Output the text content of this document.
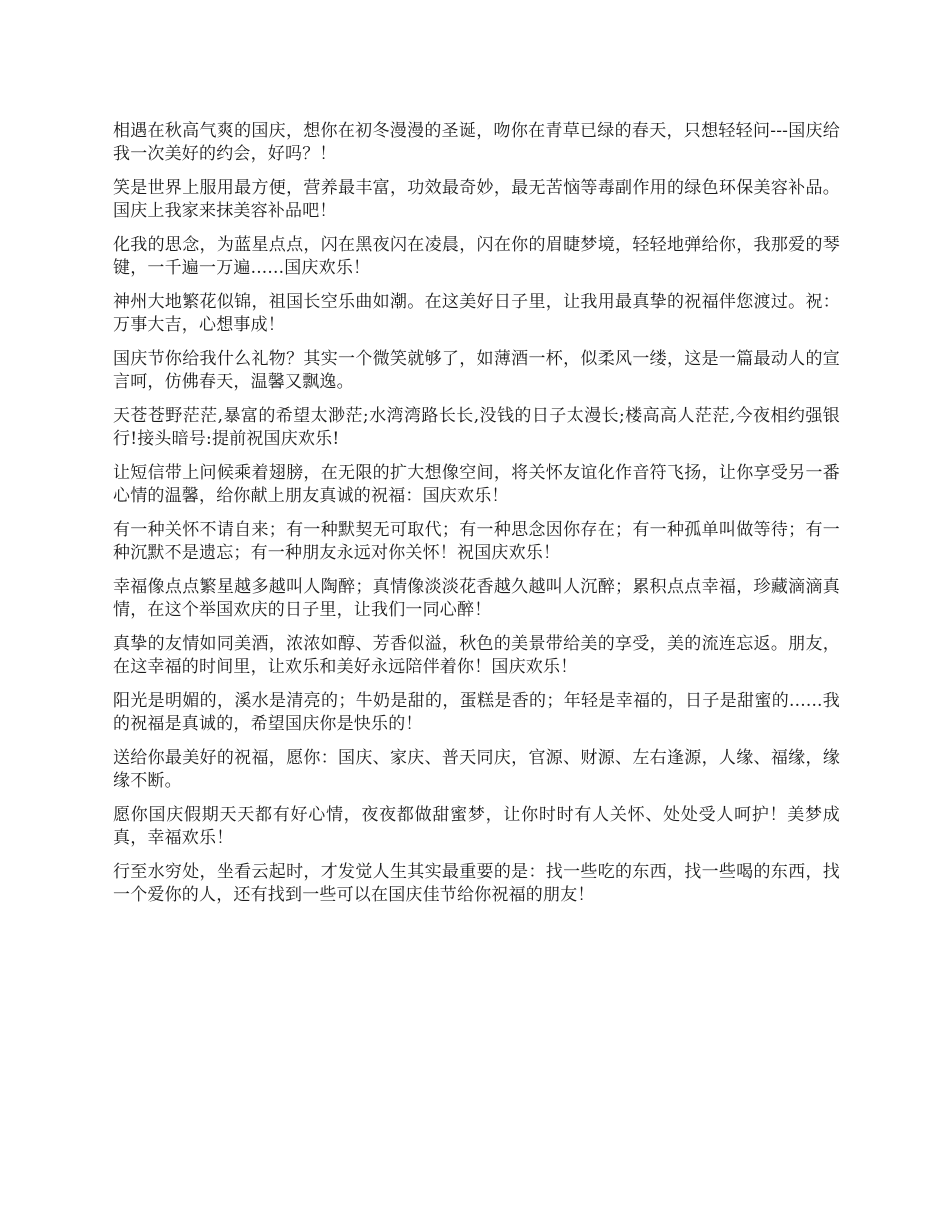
相遇在秋高气爽的国庆，想你在初冬漫漫的圣诞，吻你在青草已绿的春天，只想轻轻问---国庆给我一次美好的约会，好吗？！

笑是世界上服用最方便，营养最丰富，功效最奇妙，最无苦恼等毒副作用的绿色环保美容补品。国庆上我家来抹美容补品吧！

化我的思念，为蓝星点点，闪在黑夜闪在凌晨，闪在你的眉睫梦境，轻轻地弹给你，我那爱的琴键，一千遍一万遍......国庆欢乐！

神州大地繁花似锦，祖国长空乐曲如潮。在这美好日子里，让我用最真挚的祝福伴您渡过。祝：万事大吉，心想事成！

国庆节你给我什么礼物？其实一个微笑就够了，如薄酒一杯，似柔风一缕，这是一篇最动人的宣言呵，仿佛春天，温馨又飘逸。

天苍苍野茫茫,暴富的希望太渺茫;水湾湾路长长,没钱的日子太漫长;楼高高人茫茫,今夜相约强银行!接头暗号:提前祝国庆欢乐!

让短信带上问候乘着翅膀，在无限的扩大想像空间，将关怀友谊化作音符飞扬，让你享受另一番心情的温馨，给你献上朋友真诚的祝福：国庆欢乐！

有一种关怀不请自来；有一种默契无可取代；有一种思念因你存在；有一种孤单叫做等待；有一种沉默不是遗忘；有一种朋友永远对你关怀！祝国庆欢乐！

幸福像点点繁星越多越叫人陶醉；真情像淡淡花香越久越叫人沉醉；累积点点幸福，珍藏滴滴真情，在这个举国欢庆的日子里，让我们一同心醉！

真挚的友情如同美酒，浓浓如醇、芳香似溢，秋色的美景带给美的享受，美的流连忘返。朋友，在这幸福的时间里，让欢乐和美好永远陪伴着你！国庆欢乐！

阳光是明媚的，溪水是清亮的；牛奶是甜的，蛋糕是香的；年轻是幸福的，日子是甜蜜的......我的祝福是真诚的，希望国庆你是快乐的！

送给你最美好的祝福，愿你：国庆、家庆、普天同庆，官源、财源、左右逢源，人缘、福缘，缘缘不断。

愿你国庆假期天天都有好心情，夜夜都做甜蜜梦，让你时时有人关怀、处处受人呵护！美梦成真，幸福欢乐！

行至水穷处，坐看云起时，才发觉人生其实最重要的是：找一些吃的东西，找一些喝的东西，找一个爱你的人，还有找到一些可以在国庆佳节给你祝福的朋友！
